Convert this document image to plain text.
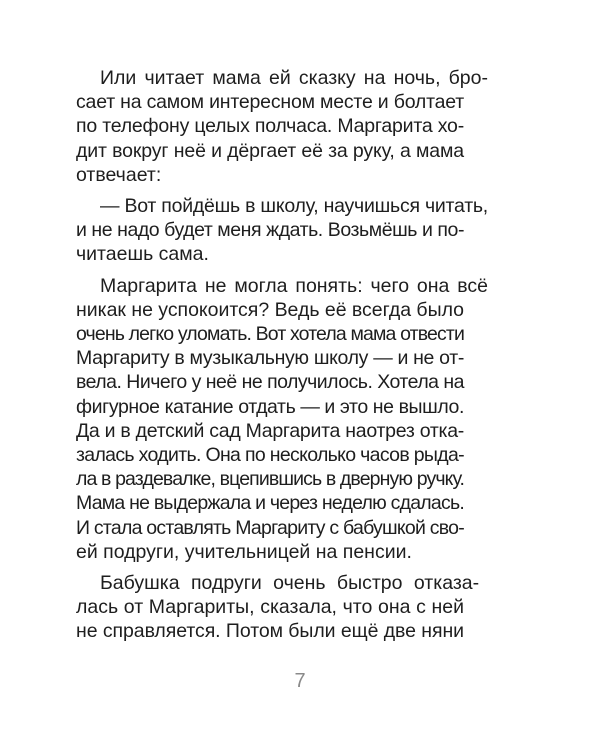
Или читает мама ей сказку на ночь, бро-
сает на самом интересном месте и болтает
по телефону целых полчаса. Маргарита хо-
дит вокруг неё и дёргает её за руку, а мама
отвечает:
— Вот пойдёшь в школу, научишься читать,
и не надо будет меня ждать. Возьмёшь и по-
читаешь сама.
Маргарита не могла понять: чего она всё
никак не успокоится? Ведь её всегда было
очень легко уломать. Вот хотела мама отвести
Маргариту в музыкальную школу — и не от-
вела. Ничего у неё не получилось. Хотела на
фигурное катание отдать — и это не вышло.
Да и в детский сад Маргарита наотрез отка-
залась ходить. Она по несколько часов рыда-
ла в раздевалке, вцепившись в дверную ручку.
Мама не выдержала и через неделю сдалась.
И стала оставлять Маргариту с бабушкой сво-
ей подруги, учительницей на пенсии.
Бабушка подруги очень быстро отказа-
лась от Маргариты, сказала, что она с ней
не справляется. Потом были ещё две няни
7
